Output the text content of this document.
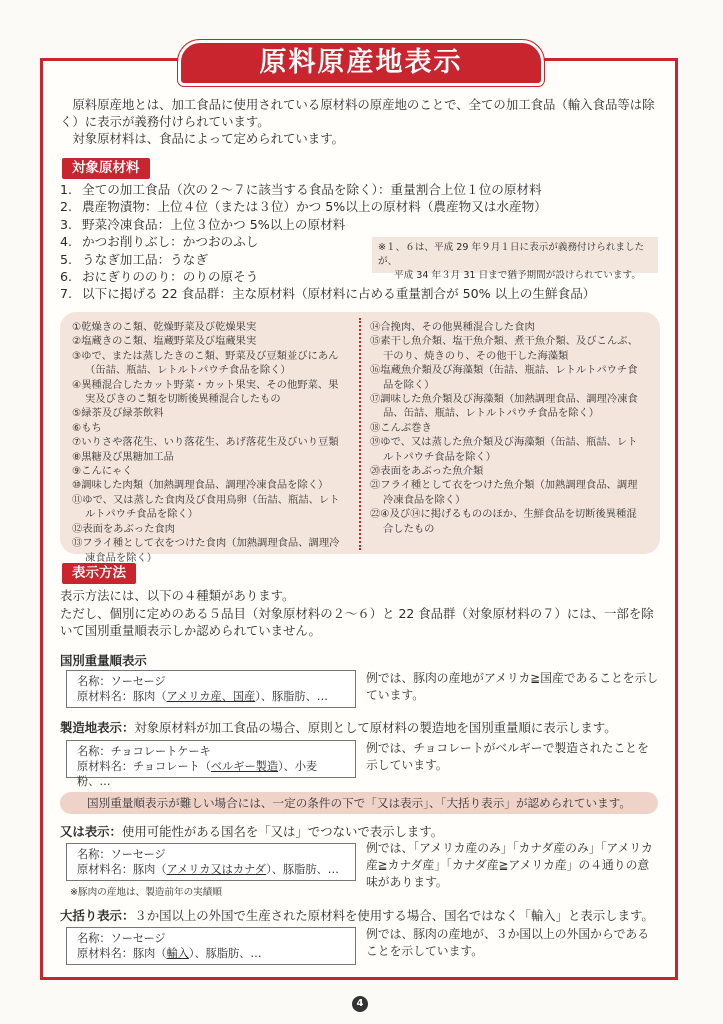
原料原産地表示
　原料原産地とは、加工食品に使用されている原材料の原産地のことで、全ての加工食品（輸入食品等は除く）に表示が義務付けられています。
　対象原材料は、食品によって定められています。
対象原材料
1. 全ての加工食品（次の２～７に該当する食品を除く）：重量割合上位１位の原材料
2. 農産物漬物：上位４位（または３位）かつ 5%以上の原材料（農産物又は水産物）
3. 野菜冷凍食品：上位３位かつ 5%以上の原材料
4. かつお削りぶし：かつおのふし
5. うなぎ加工品：うなぎ
6. おにぎりののり：のりの原そう
7. 以下に掲げる 22 食品群：主な原材料（原材料に占める重量割合が 50% 以上の生鮮食品）
※１、６は、平成 29 年９月１日に表示が義務付けられましたが、
平成 34 年３月 31 日まで猶予期間が設けられています。
①乾燥きのこ類、乾燥野菜及び乾燥果実
②塩蔵きのこ類、塩蔵野菜及び塩蔵果実
③ゆで、または蒸したきのこ類、野菜及び豆類並びにあん
（缶詰、瓶詰、レトルトパウチ食品を除く）
④異種混合したカット野菜・カット果実、その他野菜、果
実及びきのこ類を切断後異種混合したもの
⑤緑茶及び緑茶飲料
⑥もち
⑦いりさや落花生、いり落花生、あげ落花生及びいり豆類
⑧黒糖及び黒糖加工品
⑨こんにゃく
⑩調味した肉類（加熱調理食品、調理冷凍食品を除く）
⑪ゆで、又は蒸した食肉及び食用鳥卵（缶詰、瓶詰、レト
ルトパウチ食品を除く）
⑫表面をあぶった食肉
⑬フライ種として衣をつけた食肉（加熱調理食品、調理冷
凍食品を除く）
⑭合挽肉、その他異種混合した食肉
⑮素干し魚介類、塩干魚介類、煮干魚介類、及びこんぶ、
干のり、焼きのり、その他干した海藻類
⑯塩蔵魚介類及び海藻類（缶詰、瓶詰、レトルトパウチ食
品を除く）
⑰調味した魚介類及び海藻類（加熱調理食品、調理冷凍食
品、缶詰、瓶詰、レトルトパウチ食品を除く）
⑱こんぶ巻き
⑲ゆで、又は蒸した魚介類及び海藻類（缶詰、瓶詰、レト
ルトパウチ食品を除く）
⑳表面をあぶった魚介類
㉑フライ種として衣をつけた魚介類（加熱調理食品、調理
冷凍食品を除く）
㉒④及び⑭に掲げるもののほか、生鮮食品を切断後異種混
合したもの
表示方法
表示方法には、以下の４種類があります。
ただし、個別に定めのある５品目（対象原材料の２～６）と 22 食品群（対象原材料の７）には、一部を除いて国別重量順表示しか認められていません。
国別重量順表示
名称：ソーセージ
原材料名：豚肉（アメリカ産、国産）、豚脂肪、…
例では、豚肉の産地がアメリカ≧国産であることを示しています。
製造地表示：対象原材料が加工食品の場合、原則として原材料の製造地を国別重量順に表示します。
名称：チョコレートケーキ
原材料名：チョコレート（ベルギー製造）、小麦粉、…
例では、チョコレートがベルギーで製造されたことを示しています。
国別重量順表示が難しい場合には、一定の条件の下で「又は表示」、「大括り表示」が認められています。
又は表示：使用可能性がある国名を「又は」でつないで表示します。
名称：ソーセージ
原材料名：豚肉（アメリカ又はカナダ）、豚脂肪、…
※豚肉の産地は、製造前年の実績順
例では、「アメリカ産のみ」「カナダ産のみ」「アメリカ産≧カナダ産」「カナダ産≧アメリカ産」の４通りの意味があります。
大括り表示：３か国以上の外国で生産された原材料を使用する場合、国名ではなく「輸入」と表示します。
名称：ソーセージ
原材料名：豚肉（輸入）、豚脂肪、…
例では、豚肉の産地が、３か国以上の外国からであることを示しています。
4
